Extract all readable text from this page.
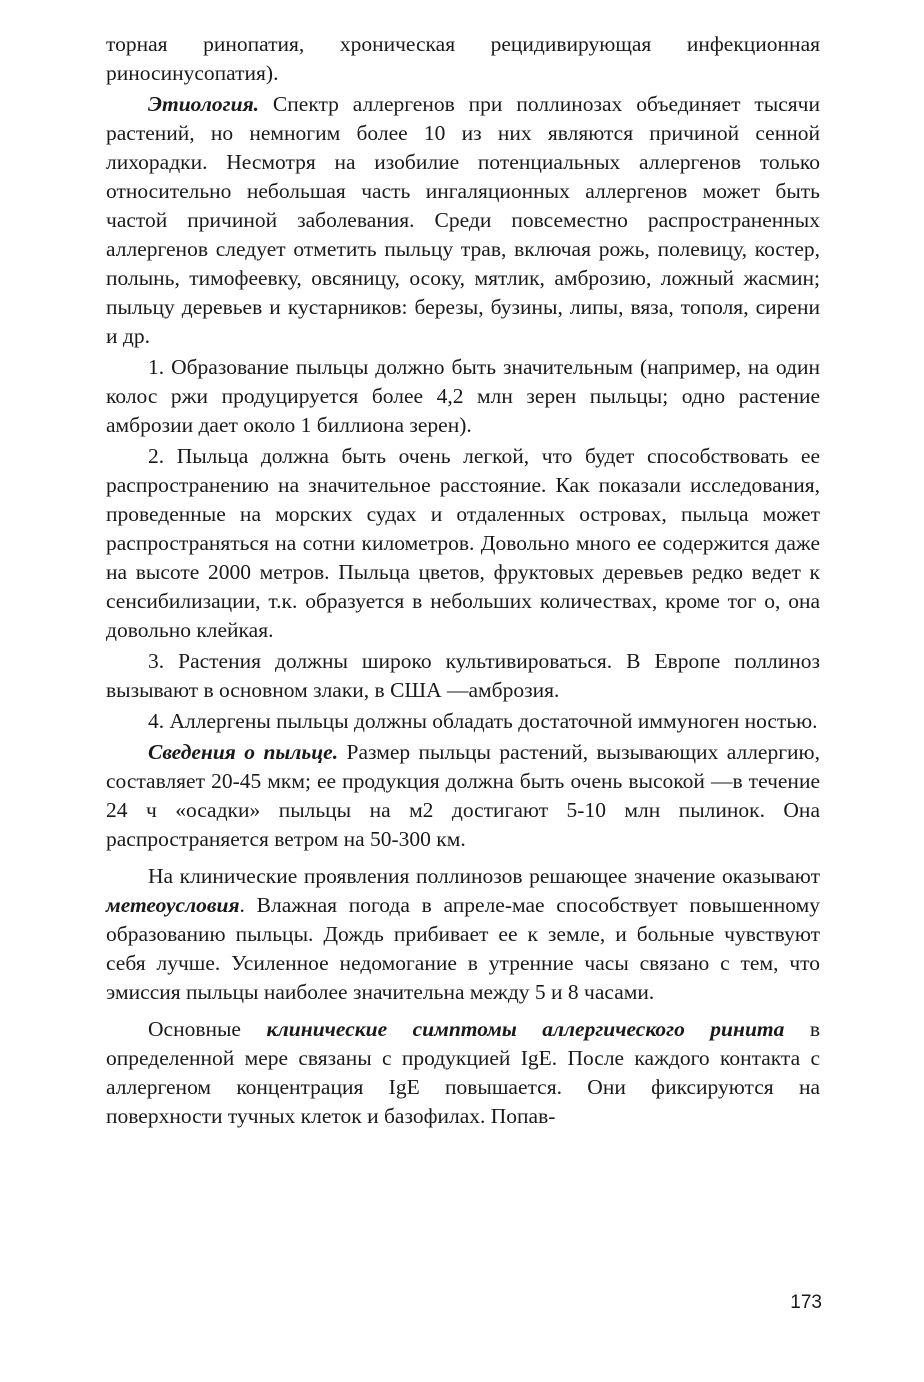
торная ринопатия, хроническая рецидивирующая инфекционная риносинусопатия).

Этиология. Спектр аллергенов при поллинозах объединяет тысячи растений, но немногим более 10 из них являются причиной сенной лихорадки. Несмотря на изобилие потенциальных аллергенов только относительно небольшая часть ингаляционных аллергенов может быть частой причиной заболевания. Среди повсеместно распространенных аллергенов следует отметить пыльцу трав, включая рожь, полевицу, костер, полынь, тимофеевку, овсяницу, осоку, мятлик, амброзию, ложный жасмин; пыльцу деревьев и кустарников: березы, бузины, липы, вяза, тополя, сирени и др.

1. Образование пыльцы должно быть значительным (например, на один колос ржи продуцируется более 4,2 млн зерен пыльцы; одно растение амброзии дает около 1 биллиона зерен).

2. Пыльца должна быть очень легкой, что будет способствовать ее распространению на значительное расстояние. Как показали исследования, проведенные на морских судах и отдаленных островах, пыльца может распространяться на сотни километров. Довольно много ее содержится даже на высоте 2000 метров. Пыльца цветов, фруктовых деревьев редко ведет к сенсибилизации, т.к. образуется в небольших количествах, кроме тог о, она довольно клейкая.

3. Растения должны широко культивироваться. В Европе поллиноз вызывают в основном злаки, в США —амброзия.

4. Аллергены пыльцы должны обладать достаточной иммуноген ностью.

Сведения о пыльце. Размер пыльцы растений, вызывающих аллергию, составляет 20-45 мкм; ее продукция должна быть очень высокой —в течение 24 ч «осадки» пыльцы на м2 достигают 5-10 млн пылинок. Она распространяется ветром на 50-300 км.

На клинические проявления поллинозов решающее значение оказывают метеоусловия. Влажная погода в апреле-мае способствует повышенному образованию пыльцы. Дождь прибивает ее к земле, и больные чувствуют себя лучше. Усиленное недомогание в утренние часы связано с тем, что эмиссия пыльцы наиболее значительна между 5 и 8 часами.

Основные клинические симптомы аллергического ринита в определенной мере связаны с продукцией IgE. После каждого контакта с аллергеном концентрация IgE повышается. Они фиксируются на поверхности тучных клеток и базофилах. Попав-

173
